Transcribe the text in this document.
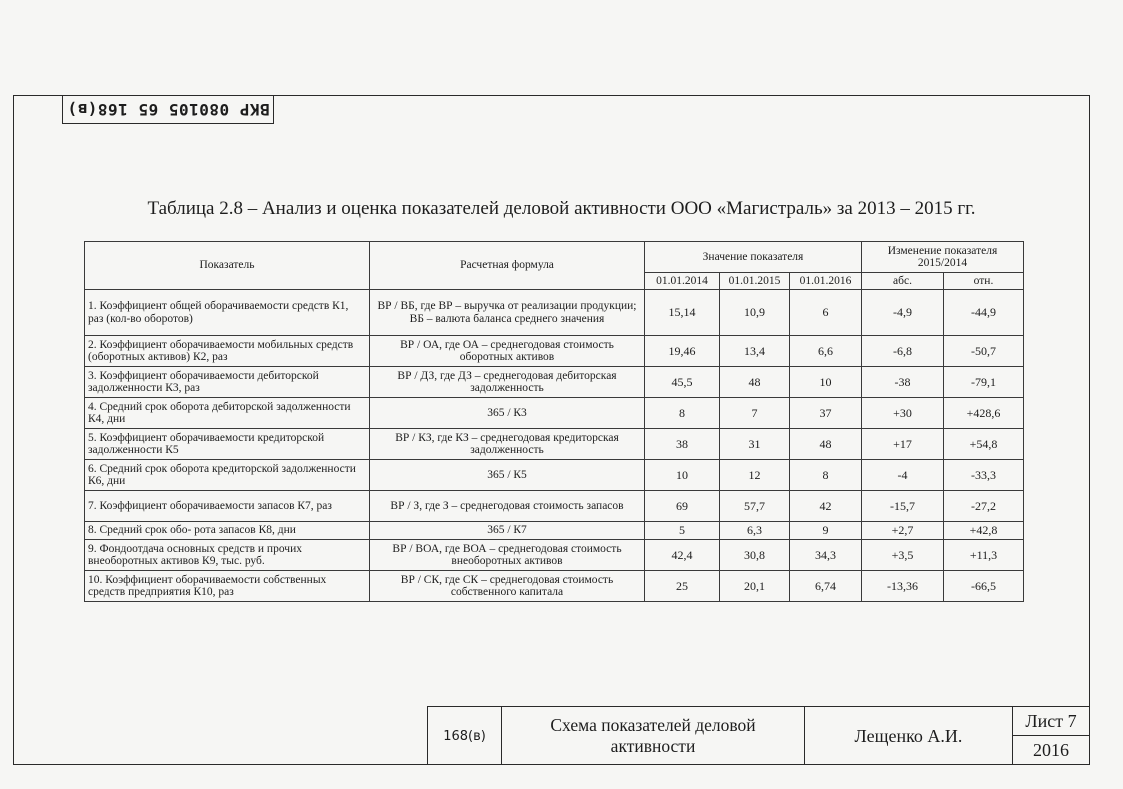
ВКР 080105 65 168(в)
Таблица 2.8 – Анализ и оценка показателей деловой активности ООО «Магистраль» за 2013 – 2015 гг.
Показатель	Расчетная формула	Значение показателя			Изменение показателя 2015/2014	
		01.01.2014	01.01.2015	01.01.2016	абс.	отн.
1. Коэффициент общей оборачиваемости средств К1, раз (кол-во оборотов)	ВР / ВБ, где ВР – выручка от реализации продукции; ВБ – валюта баланса среднего значения	15,14	10,9	6	-4,9	-44,9
2. Коэффициент оборачиваемости мобильных средств (оборотных активов) К2, раз	ВР / ОА, где ОА – среднегодовая стоимость оборотных активов	19,46	13,4	6,6	-6,8	-50,7
3. Коэффициент оборачиваемости дебиторской задолженности К3, раз	ВР / ДЗ, где ДЗ – среднегодовая дебиторская задолженность	45,5	48	10	-38	-79,1
4. Средний срок оборота дебиторской задолженности К4, дни	365 / К3	8	7	37	+30	+428,6
5. Коэффициент оборачиваемости кредиторской задолженности К5	ВР / КЗ, где КЗ – среднегодовая кредиторская задолженность	38	31	48	+17	+54,8
6. Средний срок оборота кредиторской задолженности К6, дни	365 / К5	10	12	8	-4	-33,3
7. Коэффициент оборачиваемости запасов К7, раз	ВР / З, где З – среднегодовая стоимость запасов	69	57,7	42	-15,7	-27,2
8. Средний срок обо- рота запасов К8, дни	365 / К7	5	6,3	9	+2,7	+42,8
9. Фондоотдача основных средств и прочих внеоборотных активов К9, тыс. руб.	ВР / ВОА, где ВОА – среднегодовая стоимость внеоборотных активов	42,4	30,8	34,3	+3,5	+11,3
10. Коэффициент оборачиваемости собственных средств предприятия К10, раз	ВР / СК, где СК – среднегодовая стоимость собственного капитала	25	20,1	6,74	-13,36	-66,5
168(в)
Схема показателей деловой активности
Лещенко А.И.
Лист 7
2016
